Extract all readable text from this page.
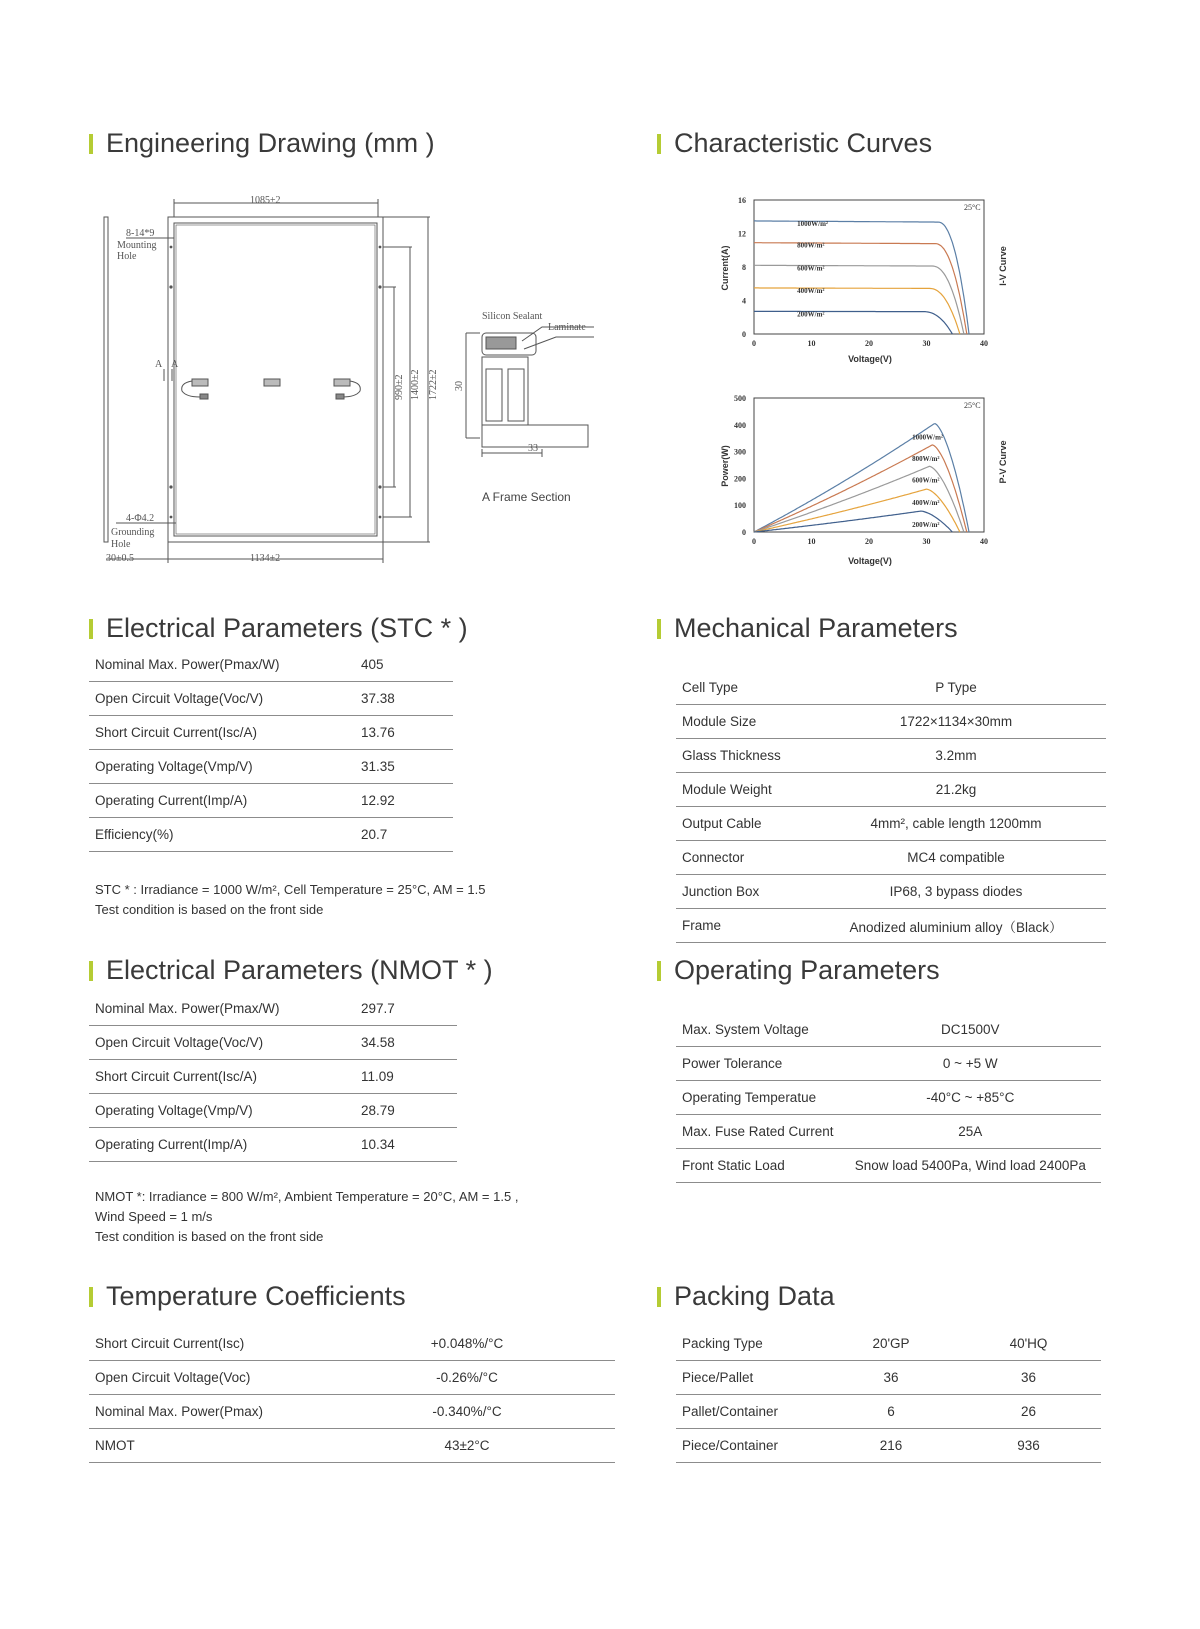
Engineering Drawing (mm )
1085±2
1134±2
30±0.5
8-14*9
Mounting
Hole
4-Φ4.2
Grounding
Hole
A A
990±2 1400±2 1722±2
Silicon Sealant
Laminate
30
33
A Frame Section
Characteristic Curves
0
4
8
12
16
0	10	20	30	40
Current(A)
Voltage(V)
25°C
I-V Curve
1000W/m²
800W/m²
600W/m²
400W/m²
200W/m²
0
100
200
300
400
500
0	10	20	30	40
Power(W)
Voltage(V)
25°C
P-V Curve
1000W/m²
800W/m²
600W/m²
400W/m²
200W/m²
Electrical Parameters (STC * )
Nominal Max. Power(Pmax/W)	405
Open Circuit Voltage(Voc/V)	37.38
Short Circuit Current(Isc/A)	13.76
Operating Voltage(Vmp/V)	31.35
Operating Current(Imp/A)	12.92
Efficiency(%)	20.7
STC * : Irradiance = 1000 W/m², Cell Temperature = 25°C, AM = 1.5
Test condition is based on the front side
Mechanical Parameters
Cell Type	P Type
Module Size	1722×1134×30mm
Glass Thickness	3.2mm
Module Weight	21.2kg
Output Cable	4mm², cable length 1200mm
Connector	MC4 compatible
Junction Box	IP68, 3 bypass diodes
Frame	Anodized aluminium alloy（Black）
Electrical Parameters (NMOT * )
Nominal Max. Power(Pmax/W)	297.7
Open Circuit Voltage(Voc/V)	34.58
Short Circuit Current(Isc/A)	11.09
Operating Voltage(Vmp/V)	28.79
Operating Current(Imp/A)	10.34
NMOT *: Irradiance = 800 W/m², Ambient Temperature = 20°C, AM = 1.5 ,
Wind Speed = 1 m/s
Test condition is based on the front side
Operating Parameters
Max. System Voltage	DC1500V
Power Tolerance	0 ~ +5 W
Operating Temperatue	-40°C ~ +85°C
Max. Fuse Rated Current	25A
Front Static Load	Snow load 5400Pa, Wind load 2400Pa
Temperature Coefficients
Short Circuit Current(Isc)	+0.048%/°C
Open Circuit Voltage(Voc)	-0.26%/°C
Nominal Max. Power(Pmax)	-0.340%/°C
NMOT	43±2°C
Packing Data
Packing Type	20'GP	40'HQ
Piece/Pallet	36	36
Pallet/Container	6	26
Piece/Container	216	936
